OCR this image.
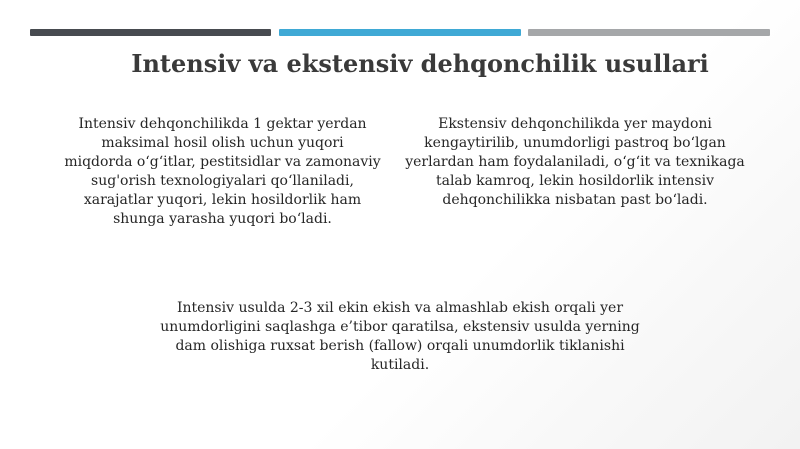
Intensiv va ekstensiv dehqonchilik usullari
Intensiv dehqonchilikda 1 gektar yerdan
maksimal hosil olish uchun yuqori
miqdorda o‘g‘itlar, pestitsidlar va zamonaviy
sug'orish texnologiyalari qo‘llaniladi,
xarajatlar yuqori, lekin hosildorlik ham
shunga yarasha yuqori bo‘ladi.
Ekstensiv dehqonchilikda yer maydoni
kengaytirilib, unumdorligi pastroq bo‘lgan
yerlardan ham foydalaniladi, o‘g‘it va texnikaga
talab kamroq, lekin hosildorlik intensiv
dehqonchilikka nisbatan past bo‘ladi.
Intensiv usulda 2-3 xil ekin ekish va almashlab ekish orqali yer
unumdorligini saqlashga e’tibor qaratilsa, ekstensiv usulda yerning
dam olishiga ruxsat berish (fallow) orqali unumdorlik tiklanishi
kutiladi.
